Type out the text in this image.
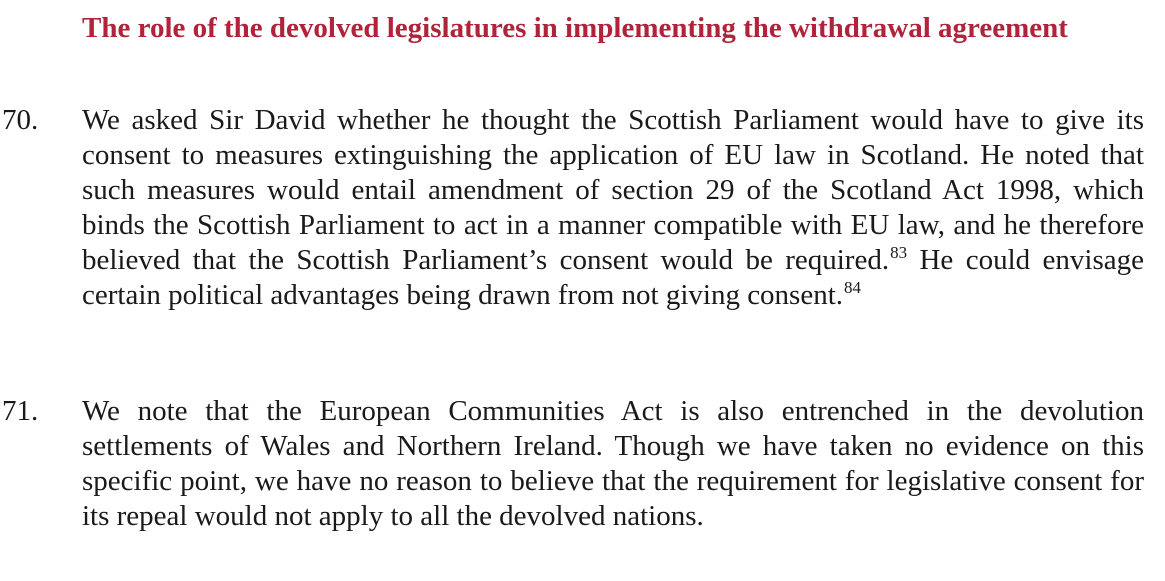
The role of the devolved legislatures in implementing the withdrawal agreement
70. We asked Sir David whether he thought the Scottish Parliament would have to give its consent to measures extinguishing the application of EU law in Scotland. He noted that such measures would entail amendment of section 29 of the Scotland Act 1998, which binds the Scottish Parliament to act in a manner compatible with EU law, and he therefore believed that the Scottish Parliament’s consent would be required.$^{83}$ He could envisage certain political advantages being drawn from not giving consent.$^{84}$

71. We note that the European Communities Act is also entrenched in the devolution settlements of Wales and Northern Ireland. Though we have taken no evidence on this specific point, we have no reason to believe that the requirement for legislative consent for its repeal would not apply to all the devolved nations.
